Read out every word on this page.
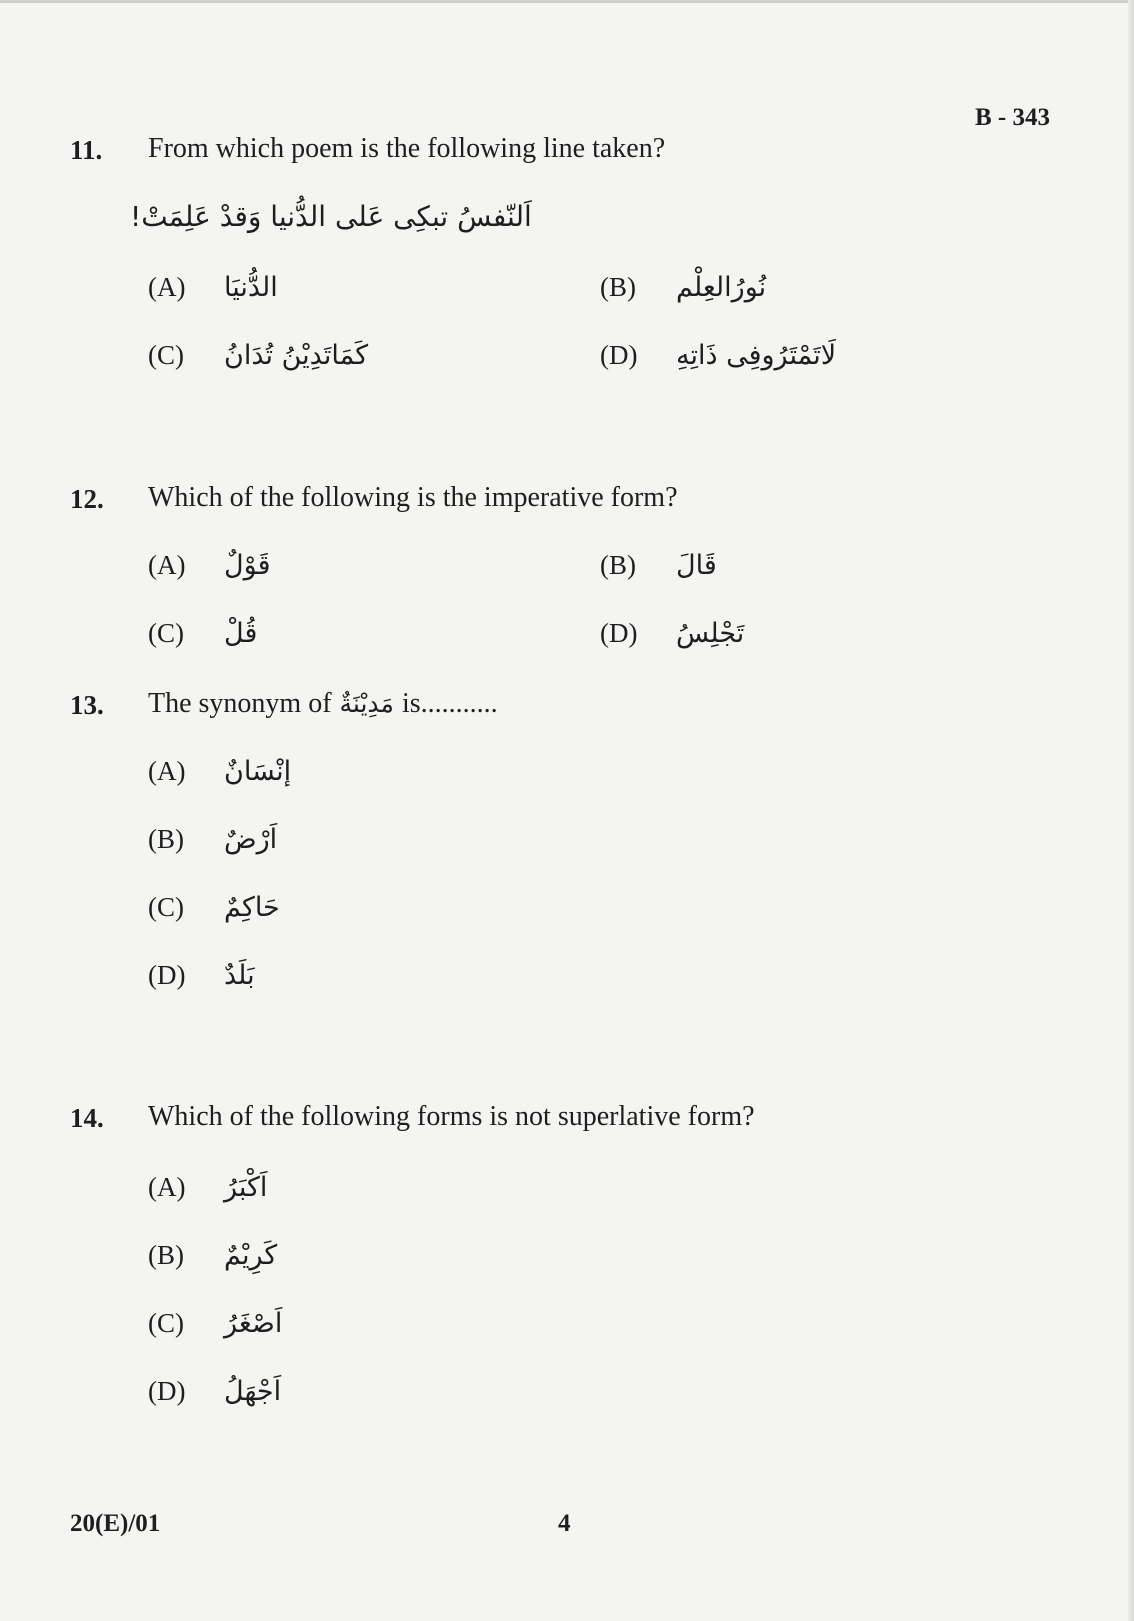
B - 343
11. From which poem is the following line taken?
اَلنّفسُ تبكِى عَلى الدُّنيا وَقدْ عَلِمَتْ!
(A) الدُّنيَا	(B) نُورُالعِلْم
(C) كَمَاتَدِيْنُ تُدَانُ	(D) لَاتَمْتَرُوفِى ذَاتِهِ
12. Which of the following is the imperative form?
(A) قَوْلٌ	(B) قَالَ
(C) قُلْ	(D) تَجْلِسُ
13. The synonym of مَدِيْنَةٌ is...........
(A) إنْسَانٌ
(B) اَرْضٌ
(C) حَاكِمٌ
(D) بَلَدٌ
14. Which of the following forms is not superlative form?
(A) اَكْبَرُ
(B) كَرِيْمٌ
(C) اَصْغَرُ
(D) اَجْهَلُ
20(E)/01	4
